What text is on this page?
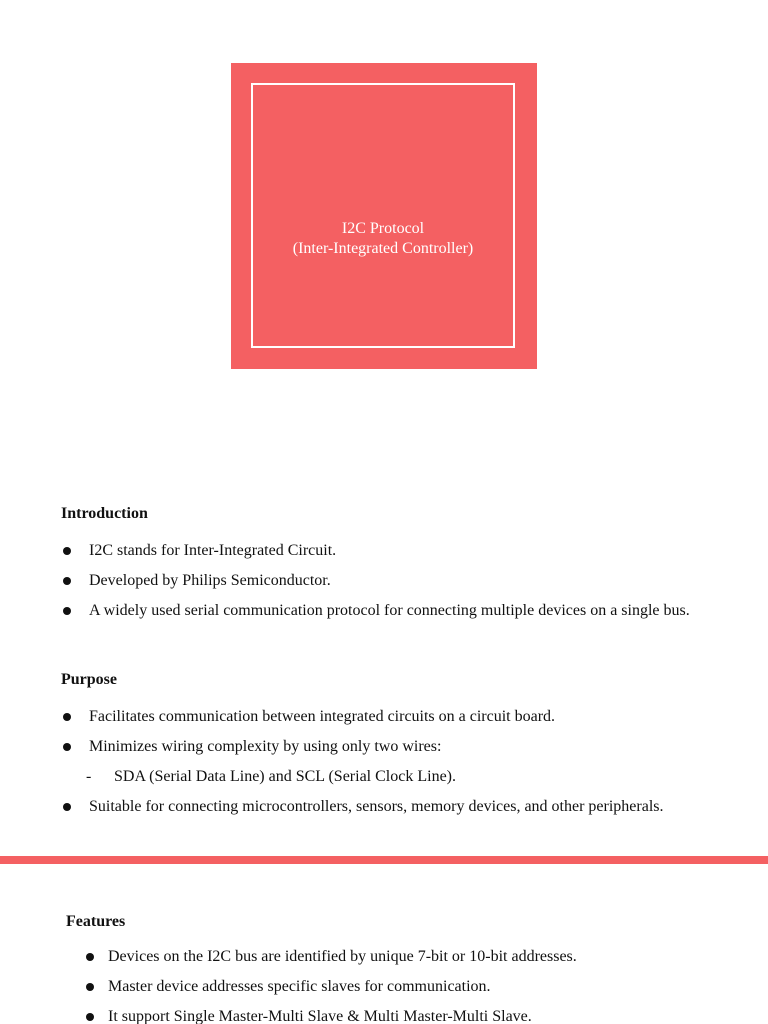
I2C Protocol
(Inter-Integrated Controller)

Introduction

I2C stands for Inter-Integrated Circuit.
Developed by Philips Semiconductor.
A widely used serial communication protocol for connecting multiple devices on a single bus.

Purpose

Facilitates communication between integrated circuits on a circuit board.
Minimizes wiring complexity by using only two wires:
- SDA (Serial Data Line) and SCL (Serial Clock Line).
Suitable for connecting microcontrollers, sensors, memory devices, and other peripherals.

Features

Devices on the I2C bus are identified by unique 7-bit or 10-bit addresses.
Master device addresses specific slaves for communication.
It support Single Master-Multi Slave & Multi Master-Multi Slave.
